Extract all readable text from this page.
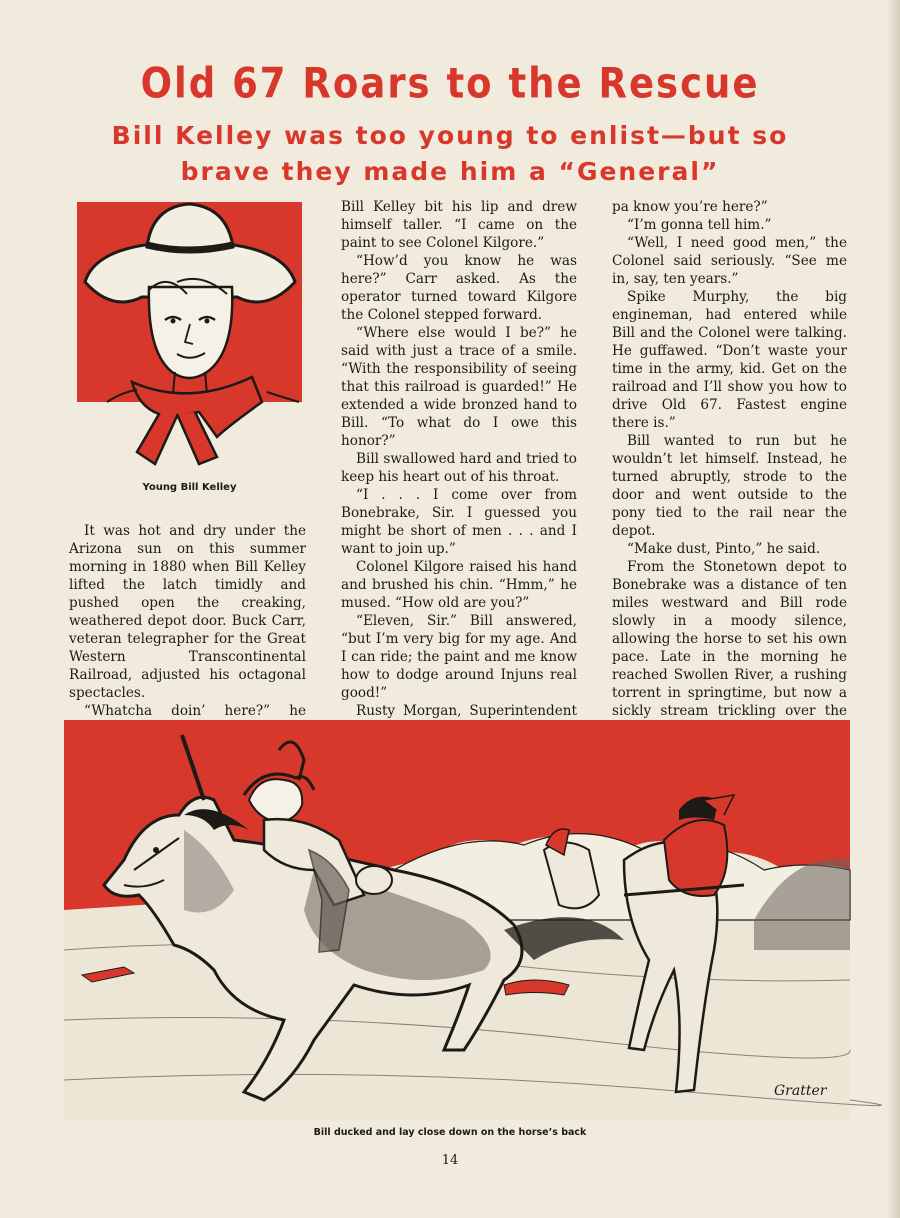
Old 67 Roars to the Rescue
Bill Kelley was too young to enlist—but so brave they made him a “General”
Young Bill Kelley

It was hot and dry under the Arizona sun on this summer morning in 1880 when Bill Kelley lifted the latch timidly and pushed open the creaking, weathered depot door. Buck Carr, veteran telegrapher for the Great Western Transcontinental Railroad, adjusted his octagonal spectacles.

“Whatcha doin’ here?” he

Bill Kelley bit his lip and drew himself taller. “I came on the paint to see Colonel Kilgore.”

“How’d you know he was here?” Carr asked. As the operator turned toward Kilgore the Colonel stepped forward.

“Where else would I be?” he said with just a trace of a smile. “With the responsibility of seeing that this railroad is guarded!” He extended a wide bronzed hand to Bill. “To what do I owe this honor?”

Bill swallowed hard and tried to keep his heart out of his throat.

“I . . . I come over from Bonebrake, Sir. I guessed you might be short of men . . . and I want to join up.”

Colonel Kilgore raised his hand and brushed his chin. “Hmm,” he mused. “How old are you?”

“Eleven, Sir.” Bill answered, “but I’m very big for my age. And I can ride; the paint and me know how to dodge around Injuns real good!”

Rusty Morgan, Superintendent

pa know you’re here?”

“I’m gonna tell him.”

“Well, I need good men,” the Colonel said seriously. “See me in, say, ten years.”

Spike Murphy, the big engineman, had entered while Bill and the Colonel were talking. He guffawed. “Don’t waste your time in the army, kid. Get on the railroad and I’ll show you how to drive Old 67. Fastest engine there is.”

Bill wanted to run but he wouldn’t let himself. Instead, he turned abruptly, strode to the door and went outside to the pony tied to the rail near the depot.

“Make dust, Pinto,” he said.

From the Stonetown depot to Bonebrake was a distance of ten miles westward and Bill rode slowly in a moody silence, allowing the horse to set his own pace. Late in the morning he reached Swollen River, a rushing torrent in springtime, but now a sickly stream trickling over the

Gratter
Bill ducked and lay close down on the horse’s back
14
